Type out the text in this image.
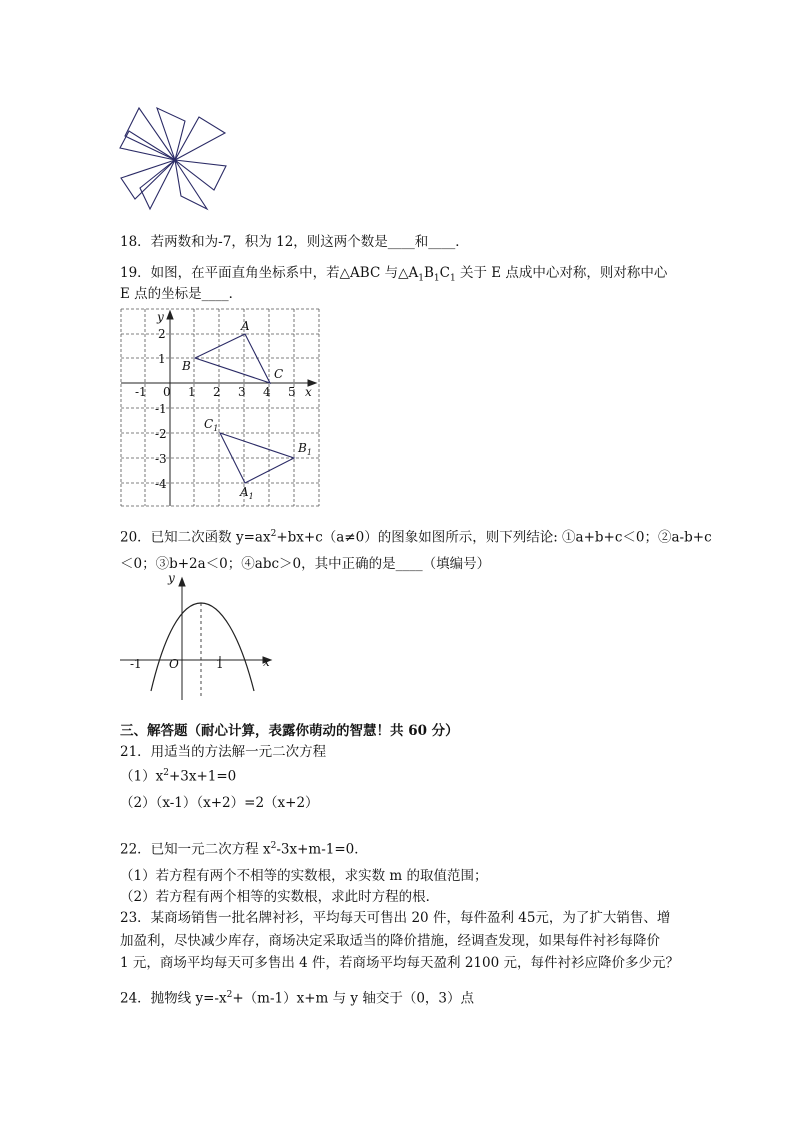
18．若两数和为-7，积为 12，则这两个数是____和____．
19．如图，在平面直角坐标系中，若△ABC 与$\triangle A_1B_1C_1$ 关于 E 点成中心对称，则对称中心
E 点的坐标是____．
y
x
-1 0 1 2 3 4 5
2
1
-1
-2
-3
-4
A
B
C
$C_1$
$B_1$
$A_1$
20．已知二次函数 $y=ax^2+bx+c(a\ne 0)$的图象如图所示，则下列结论: ①a+b+c＜0；②a-b+c
＜0；③b+2a＜0；④abc＞0，其中正确的是____（填编号）
y
x
O
-1	1
三、解答题（耐心计算，表露你萌动的智慧！共 60 分）
21．用适当的方法解一元二次方程
$(1)x^2+3x+1=0$
（2）（x-1）（x+2）=2（x+2）
22．已知一元二次方程 $x^2-3x+m-1=0$．
（1）若方程有两个不相等的实数根，求实数 m 的取值范围；
（2）若方程有两个相等的实数根，求此时方程的根．
23．某商场销售一批名牌衬衫，平均每天可售出 20 件，每件盈利 45元，为了扩大销售、增
加盈利，尽快减少库存，商场决定采取适当的降价措施，经调查发现，如果每件衬衫每降价
1 元，商场平均每天可多售出 4 件，若商场平均每天盈利 2100 元，每件衬衫应降价多少元？
24．抛物线 $y=-x^2+(m-1)x+m$ 与 y 轴交于（0，3）点
